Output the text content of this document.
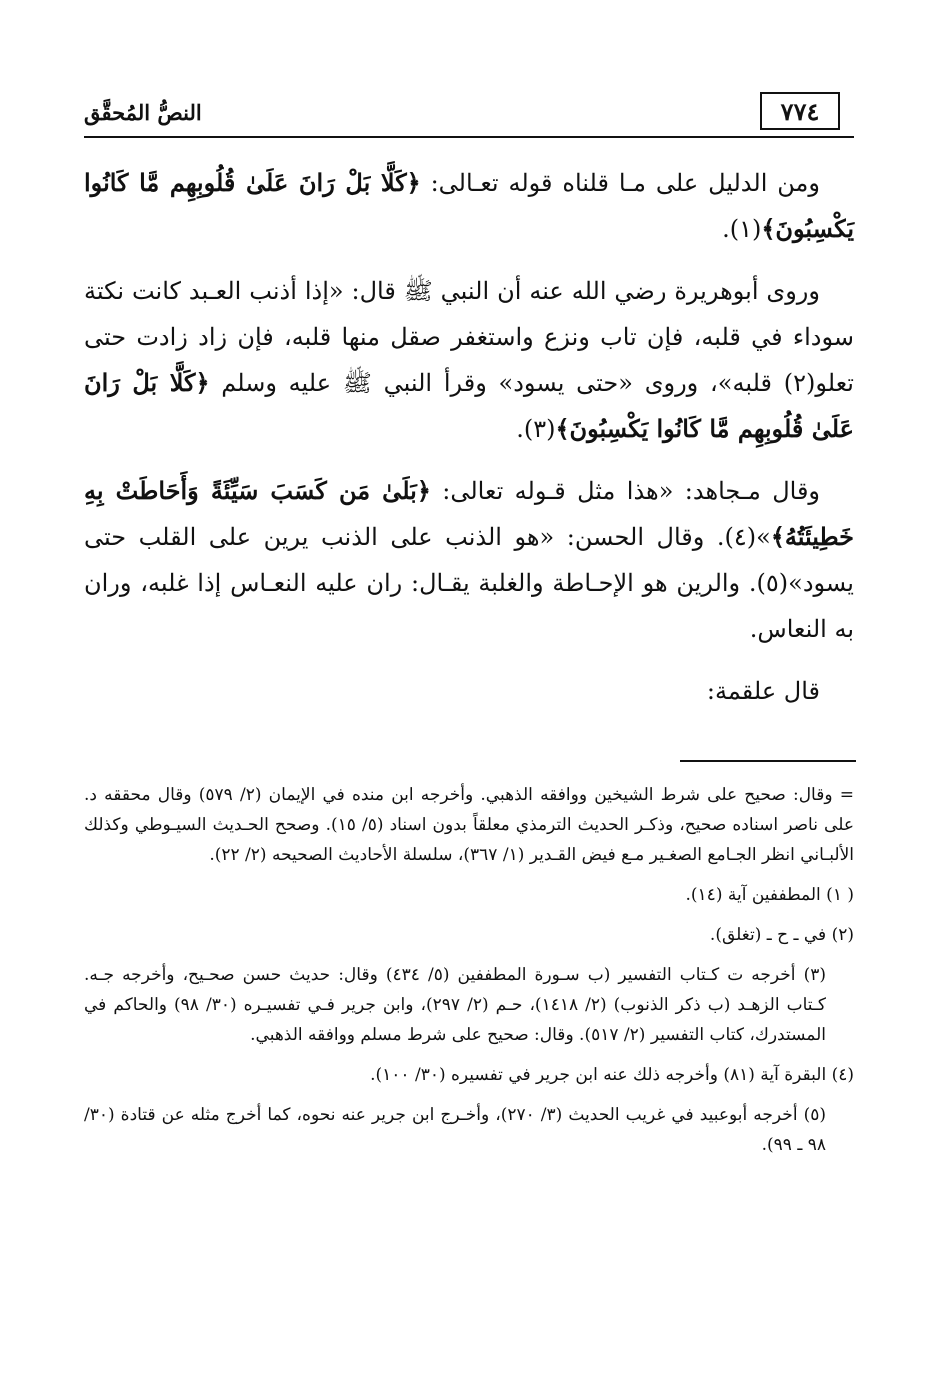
٧٧٤
النصُّ المُحقَّق

ومن الدليل على مـا قلناه قوله تعـالى: ﴿كَلَّا بَلْ رَانَ عَلَىٰ قُلُوبِهِم مَّا كَانُوا يَكْسِبُونَ﴾(١).

وروى أبوهريرة رضي الله عنه أن النبي ﷺ قال: «إذا أذنب العـبد كانت نكتة سوداء في قلبه، فإن تاب ونزع واستغفر صقل منها قلبه، فإن زاد زادت حتى تعلو(٢) قلبه»، وروى «حتى يسود» وقرأ النبي ﷺ عليه وسلم ﴿كَلَّا بَلْ رَانَ عَلَىٰ قُلُوبِهِم مَّا كَانُوا يَكْسِبُونَ﴾(٣).

وقال مـجاهد: «هذا مثل قـوله تعالى: ﴿بَلَىٰ مَن كَسَبَ سَيِّئَةً وَأَحَاطَتْ بِهِ خَطِيئَتُهُ﴾»(٤). وقال الحسن: «هو الذنب على الذنب يرين على القلب حتى يسود»(٥). والرين هو الإحـاطة والغلبة يقـال: ران عليه النعـاس إذا غلبه، وران به النعاس.

قال علقمة:

= وقال: صحيح على شرط الشيخين ووافقه الذهبي. وأخرجه ابن منده في الإيمان (٢/ ٥٧٩) وقال محققه د. على ناصر اسناده صحيح، وذكـر الحديث الترمذي معلقاً بدون اسناد (٥/ ١٥). وصحح الحـديث السيـوطي وكذلك الألبـاني انظر الجـامع الصغـير مـع فيض القـدير (١/ ٣٦٧)، سلسلة الأحاديث الصحيحه (٢/ ٢٢).
( ١) المطففين آية (١٤).
(٢) في ـ ح ـ (تغلق).
(٣) أخرجه ت كـتاب التفسير (ب سـورة المطففين (٥/ ٤٣٤) وقال: حديث حسن صحـيح، وأخرجه جـه. كـتاب الزهـد (ب ذكر الذنوب) (٢/ ١٤١٨)، حـم (٢/ ٢٩٧)، وابن جرير فـي تفسيـره (٣٠/ ٩٨) والحاكم في المستدرك، كتاب التفسير (٢/ ٥١٧). وقال: صحيح على شرط مسلم ووافقه الذهبي.
(٤) البقرة آية (٨١) وأخرجه ذلك عنه ابن جرير في تفسيره (٣٠/ ١٠٠).
(٥) أخرجه أبوعبيد في غريب الحديث (٣/ ٢٧٠)، وأخـرج ابن جرير عنه نحوه، كما أخرج مثله عن قتادة (٣٠/ ٩٨ ـ ٩٩).
